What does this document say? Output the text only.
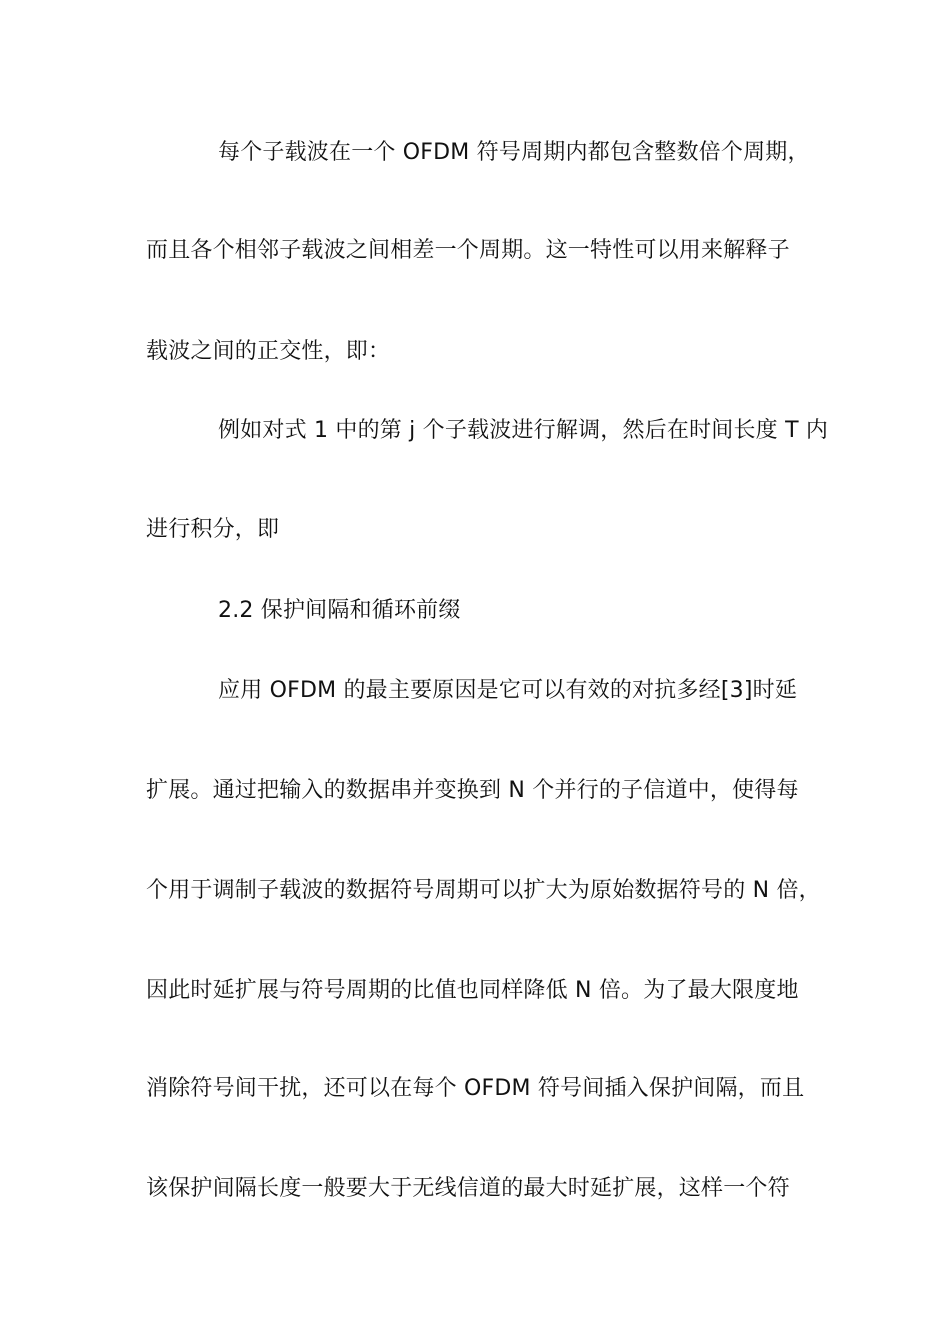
每个子载波在一个 OFDM 符号周期内都包含整数倍个周期，
而且各个相邻子载波之间相差一个周期。这一特性可以用来解释子
载波之间的正交性，即：
例如对式 1 中的第 j 个子载波进行解调，然后在时间长度 T 内
进行积分，即
2.2 保护间隔和循环前缀
应用 OFDM 的最主要原因是它可以有效的对抗多经[3]时延
扩展。通过把输入的数据串并变换到 N 个并行的子信道中，使得每
个用于调制子载波的数据符号周期可以扩大为原始数据符号的 N 倍，
因此时延扩展与符号周期的比值也同样降低 N 倍。为了最大限度地
消除符号间干扰，还可以在每个 OFDM 符号间插入保护间隔，而且
该保护间隔长度一般要大于无线信道的最大时延扩展，这样一个符
